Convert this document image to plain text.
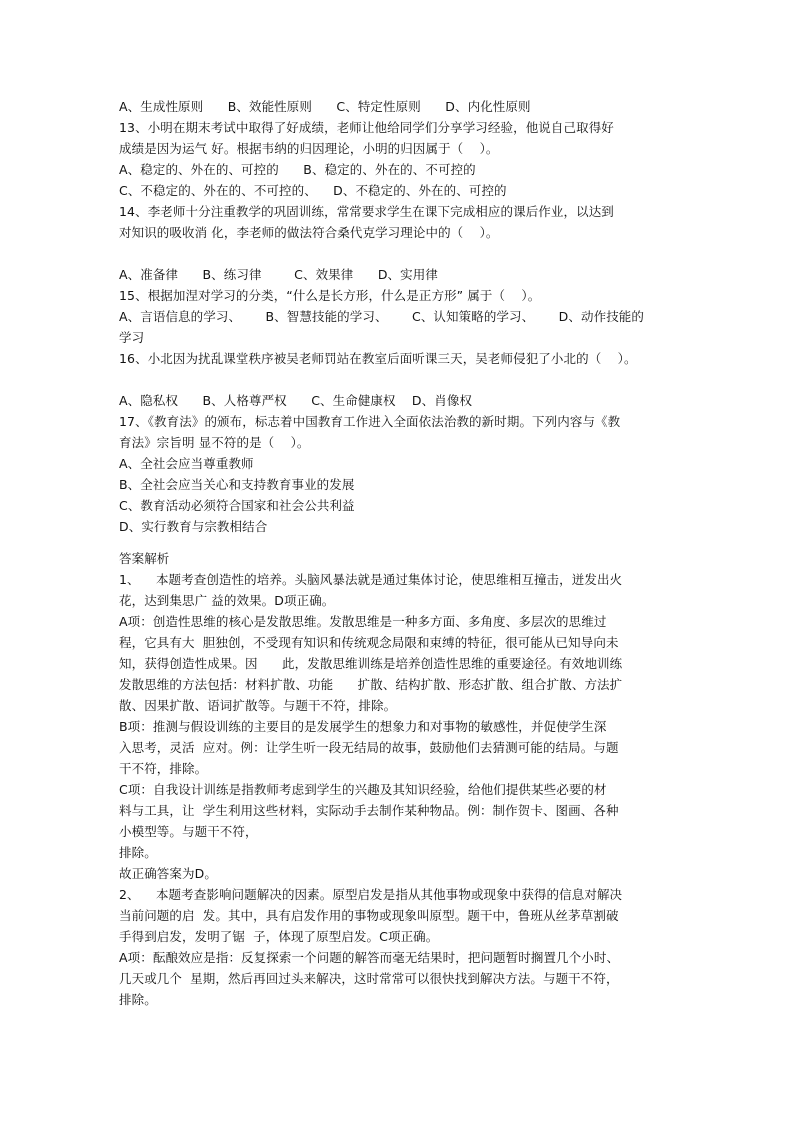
A、生成性原则      B、效能性原则      C、特定性原则      D、内化性原则
13、小明在期末考试中取得了好成绩，老师让他给同学们分享学习经验，他说自己取得好
成绩是因为运气 好。根据韦纳的归因理论，小明的归因属于（    ）。
A、稳定的、外在的、可控的      B、稳定的、外在的、不可控的
C、不稳定的、外在的、不可控的、    D、不稳定的、外在的、可控的
14、李老师十分注重教学的巩固训练，常常要求学生在课下完成相应的课后作业，以达到
对知识的吸收消 化，李老师的做法符合桑代克学习理论中的（    ）。
A、准备律      B、练习律        C、效果律      D、实用律
15、根据加涅对学习的分类，“什么是长方形，什么是正方形” 属于（    ）。
A、言语信息的学习、      B、智慧技能的学习、      C、认知策略的学习、      D、动作技能的
学习
16、小北因为扰乱课堂秩序被吴老师罚站在教室后面听课三天，吴老师侵犯了小北的（    ）。
A、隐私权      B、人格尊严权      C、生命健康权    D、肖像权
17、《教育法》的颁布，标志着中国教育工作进入全面依法治教的新时期。下列内容与《教
育法》宗旨明 显不符的是（    ）。
A、全社会应当尊重教师
B、全社会应当关心和支持教育事业的发展
C、教育活动必须符合国家和社会公共利益
D、实行教育与宗教相结合
答案解析
1、    本题考查创造性的培养。头脑风暴法就是通过集体讨论，使思维相互撞击，迸发出火
花，达到集思广 益的效果。D项正确。
A项：创造性思维的核心是发散思维。发散思维是一种多方面、多角度、多层次的思维过
程，它具有大  胆独创，不受现有知识和传统观念局限和束缚的特征，很可能从已知导向未
知，获得创造性成果。因      此，发散思维训练是培养创造性思维的重要途径。有效地训练
发散思维的方法包括：材料扩散、功能      扩散、结构扩散、形态扩散、组合扩散、方法扩
散、因果扩散、语词扩散等。与题干不符，排除。
B项：推测与假设训练的主要目的是发展学生的想象力和对事物的敏感性，并促使学生深
入思考，灵活  应对。例：让学生听一段无结局的故事，鼓励他们去猜测可能的结局。与题
干不符，排除。
C项：自我设计训练是指教师考虑到学生的兴趣及其知识经验，给他们提供某些必要的材
料与工具，让  学生利用这些材料，实际动手去制作某种物品。例：制作贺卡、图画、各种
小模型等。与题干不符，
排除。
故正确答案为D。
2、    本题考查影响问题解决的因素。原型启发是指从其他事物或现象中获得的信息对解决
当前问题的启  发。其中，具有启发作用的事物或现象叫原型。题干中，鲁班从丝茅草割破
手得到启发，发明了锯  子，体现了原型启发。C项正确。
A项：酝酿效应是指：反复探索一个问题的解答而毫无结果时，把问题暂时搁置几个小时、
几天或几个  星期，然后再回过头来解决，这时常常可以很快找到解决方法。与题干不符，
排除。
